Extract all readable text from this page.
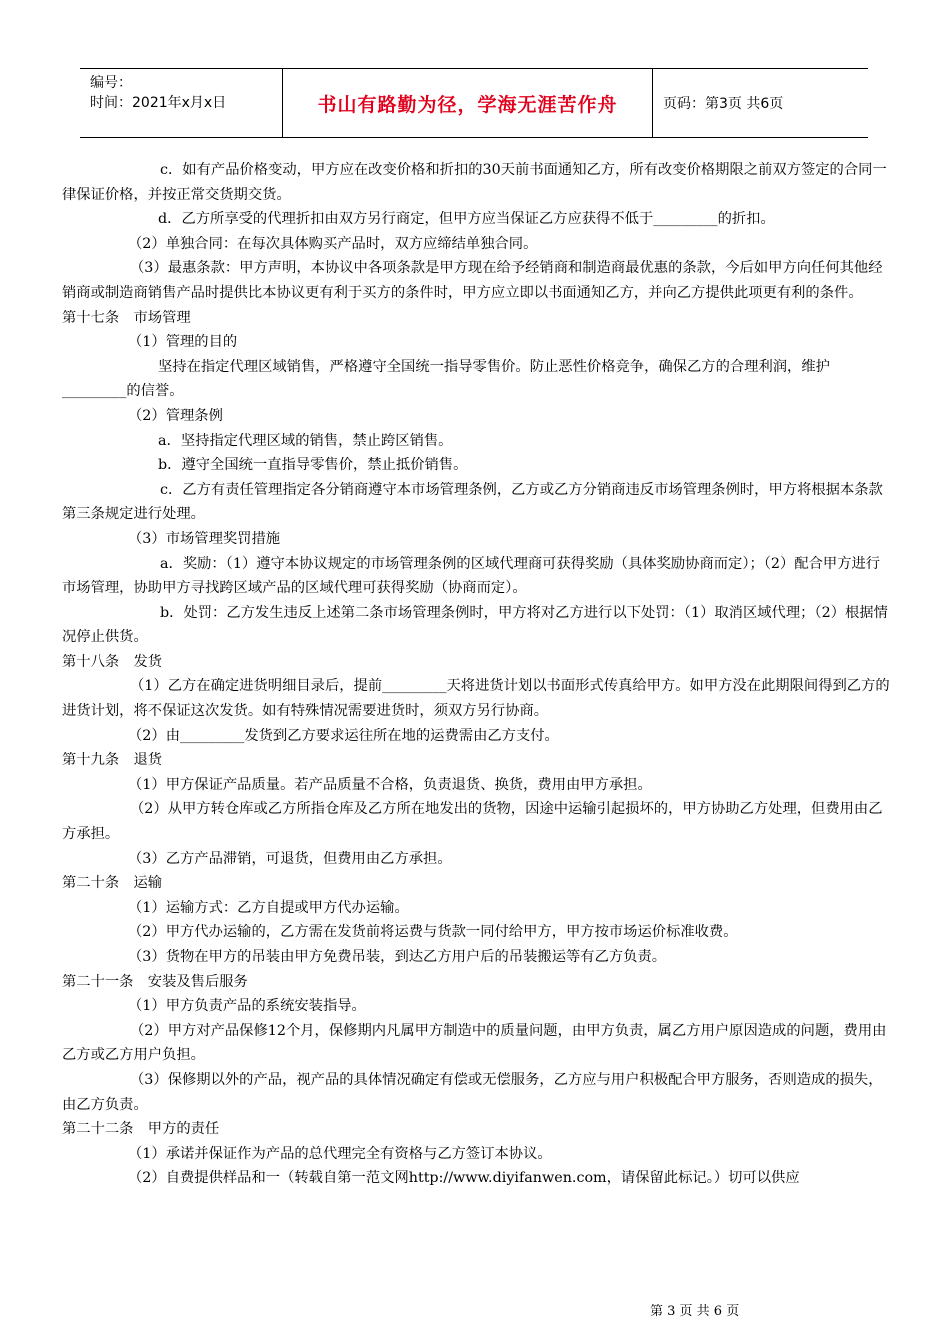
编号：
时间：2021年x月x日	书山有路勤为径，学海无涯苦作舟	页码：第3页 共6页

c．如有产品价格变动，甲方应在改变价格和折扣的30天前书面通知乙方，所有改变价格期限之前双方签定的合同一律保证价格，并按正常交货期交货。

d．乙方所享受的代理折扣由双方另行商定，但甲方应当保证乙方应获得不低于_________的折扣。

（2）单独合同：在每次具体购买产品时，双方应缔结单独合同。

（3）最惠条款：甲方声明，本协议中各项条款是甲方现在给予经销商和制造商最优惠的条款，今后如甲方向任何其他经销商或制造商销售产品时提供比本协议更有利于买方的条件时，甲方应立即以书面通知乙方，并向乙方提供此项更有利的条件。

第十七条　市场管理

（1）管理的目的

坚持在指定代理区域销售，严格遵守全国统一指导零售价。防止恶性价格竞争，确保乙方的合理利润，维护_________的信誉。

（2）管理条例

a．坚持指定代理区域的销售，禁止跨区销售。

b．遵守全国统一直指导零售价，禁止抵价销售。

c．乙方有责任管理指定各分销商遵守本市场管理条例，乙方或乙方分销商违反市场管理条例时，甲方将根据本条款第三条规定进行处理。

（3）市场管理奖罚措施

a．奖励：（1）遵守本协议规定的市场管理条例的区域代理商可获得奖励（具体奖励协商而定）；（2）配合甲方进行市场管理，协助甲方寻找跨区域产品的区域代理可获得奖励（协商而定）。

b．处罚：乙方发生违反上述第二条市场管理条例时，甲方将对乙方进行以下处罚：（1）取消区域代理；（2）根据情况停止供货。

第十八条　发货

（1）乙方在确定进货明细目录后，提前_________天将进货计划以书面形式传真给甲方。如甲方没在此期限间得到乙方的进货计划，将不保证这次发货。如有特殊情况需要进货时，须双方另行协商。

（2）由_________发货到乙方要求运往所在地的运费需由乙方支付。

第十九条　退货

（1）甲方保证产品质量。若产品质量不合格，负责退货、换货，费用由甲方承担。

（2）从甲方转仓库或乙方所指仓库及乙方所在地发出的货物，因途中运输引起损坏的，甲方协助乙方处理，但费用由乙方承担。

（3）乙方产品滞销，可退货，但费用由乙方承担。

第二十条　运输

（1）运输方式：乙方自提或甲方代办运输。

（2）甲方代办运输的，乙方需在发货前将运费与货款一同付给甲方，甲方按市场运价标准收费。

（3）货物在甲方的吊装由甲方免费吊装，到达乙方用户后的吊装搬运等有乙方负责。

第二十一条　安装及售后服务

（1）甲方负责产品的系统安装指导。

（2）甲方对产品保修12个月，保修期内凡属甲方制造中的质量问题，由甲方负责，属乙方用户原因造成的问题，费用由乙方或乙方用户负担。

（3）保修期以外的产品，视产品的具体情况确定有偿或无偿服务，乙方应与用户积极配合甲方服务，否则造成的损失，由乙方负责。

第二十二条　甲方的责任

（1）承诺并保证作为产品的总代理完全有资格与乙方签订本协议。

（2）自费提供样品和一（转载自第一范文网http://www.diyifanwen.com，请保留此标记。）切可以供应

第 3 页 共 6 页
